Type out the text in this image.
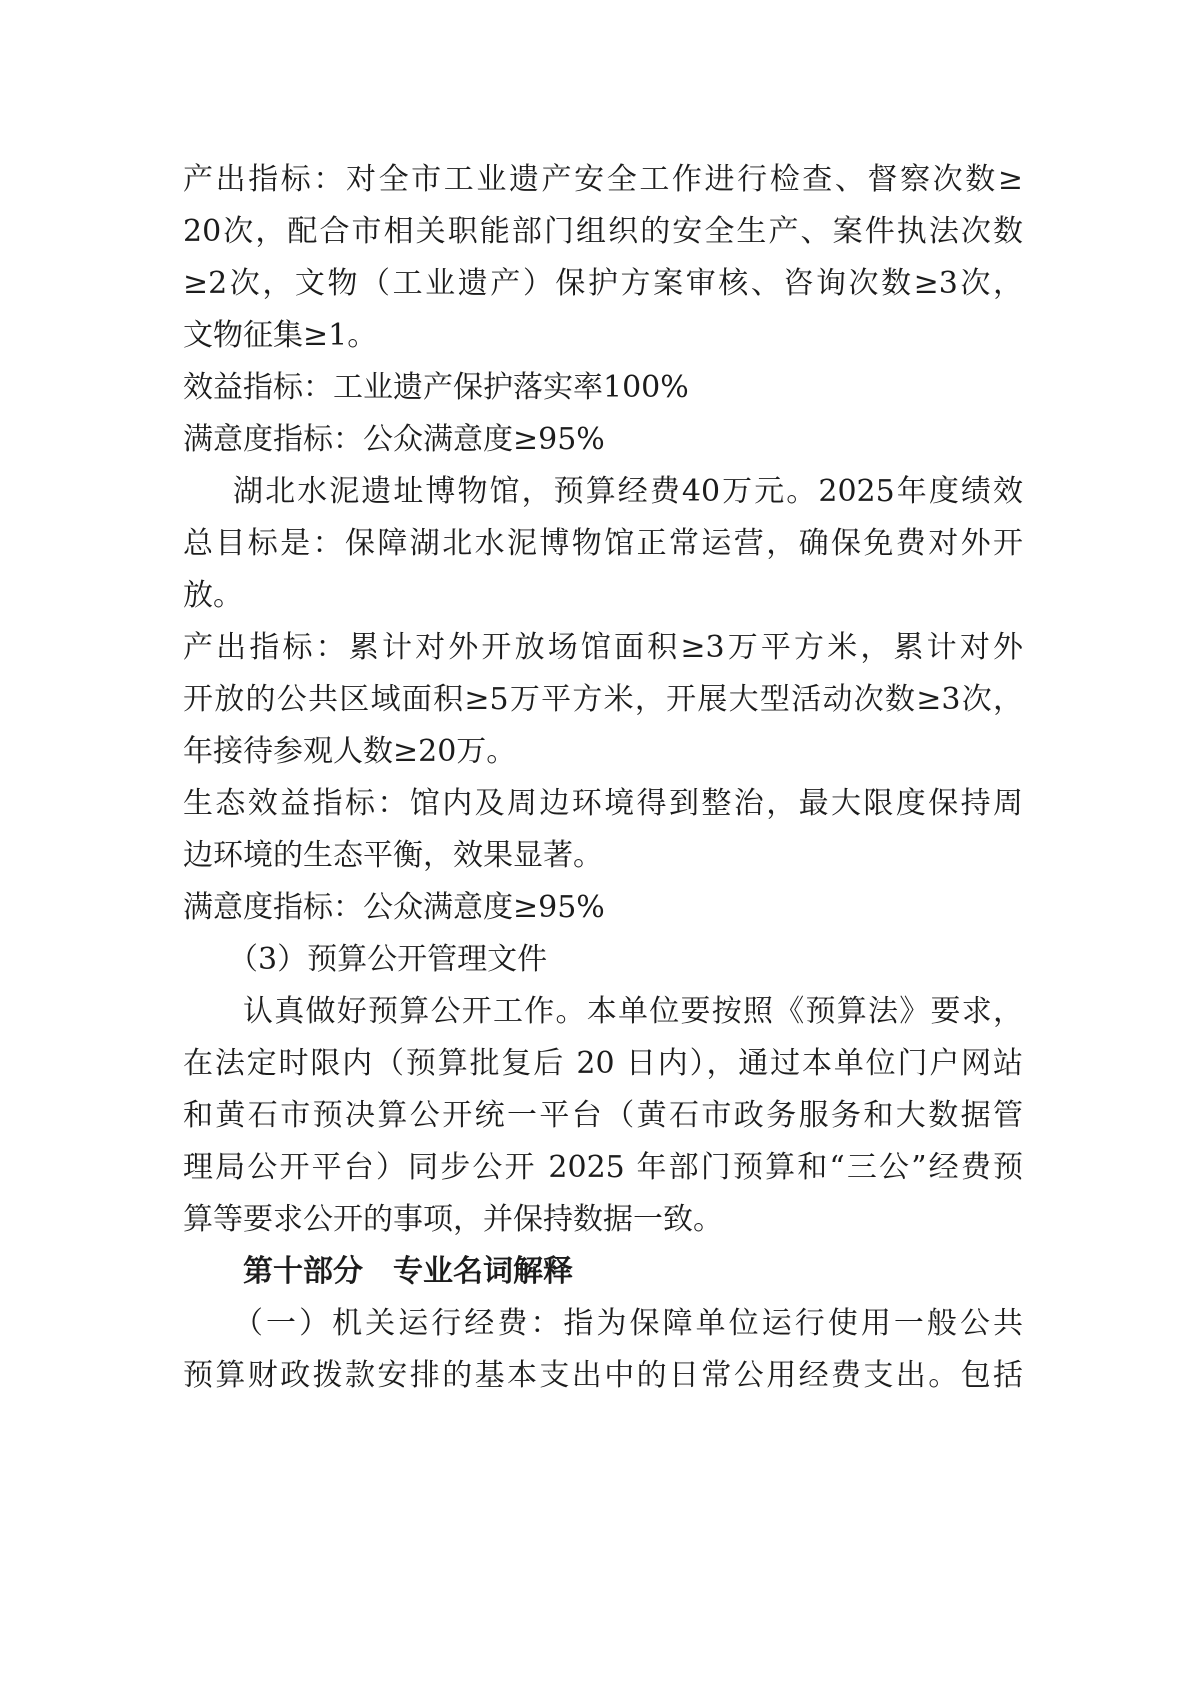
产出指标：对全市工业遗产安全工作进行检查、督察次数≥
20次，配合市相关职能部门组织的安全生产、案件执法次数
≥2次，文物（工业遗产）保护方案审核、咨询次数≥3次，
文物征集≥1。
效益指标：工业遗产保护落实率100%
满意度指标：公众满意度≥95%
湖北水泥遗址博物馆，预算经费40万元。2025年度绩效
总目标是：保障湖北水泥博物馆正常运营，确保免费对外开
放。
产出指标：累计对外开放场馆面积≥3万平方米，累计对外
开放的公共区域面积≥5万平方米，开展大型活动次数≥3次，
年接待参观人数≥20万。
生态效益指标：馆内及周边环境得到整治，最大限度保持周
边环境的生态平衡，效果显著。
满意度指标：公众满意度≥95%
（3）预算公开管理文件
认真做好预算公开工作。本单位要按照《预算法》要求，
在法定时限内（预算批复后 20 日内），通过本单位门户网站
和黄石市预决算公开统一平台（黄石市政务服务和大数据管
理局公开平台）同步公开 2025 年部门预算和“三公”经费预
算等要求公开的事项，并保持数据一致。
第十部分　专业名词解释
（一）机关运行经费：指为保障单位运行使用一般公共
预算财政拨款安排的基本支出中的日常公用经费支出。包括
